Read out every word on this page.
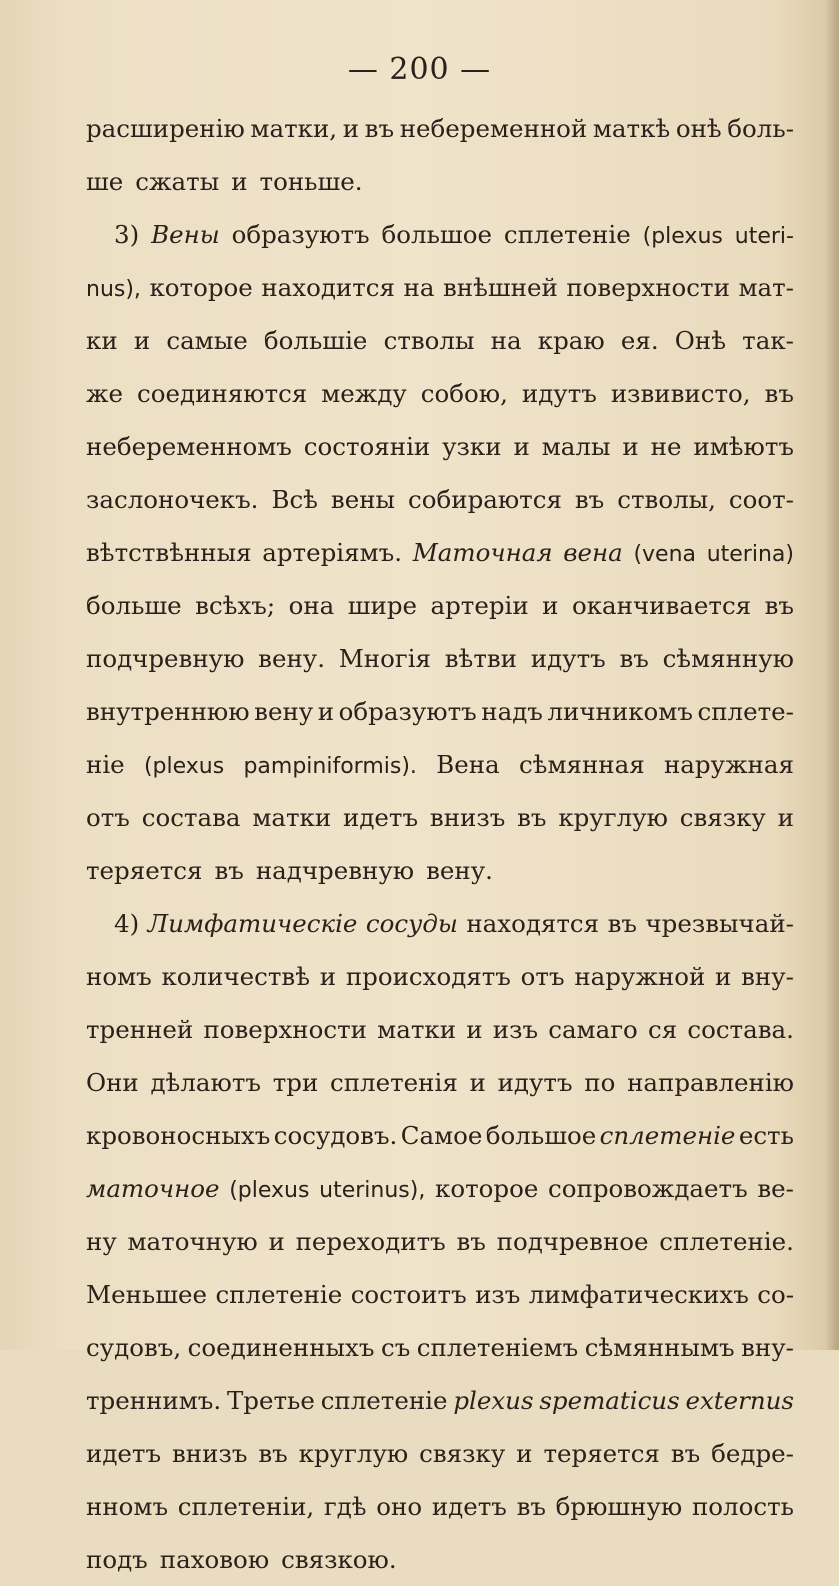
— 200 —
расширенію матки, и въ небеременной маткѣ онѣ боль-
ше сжаты и тоньше.
3) Вены образуютъ большое сплетеніе (plexus uteri-
nus), которое находится на внѣшней поверхности мат-
ки и самые большіе стволы на краю ея. Онѣ так-
же соединяются между собою, идутъ извивисто, въ
небеременномъ состояніи узки и малы и не имѣютъ
заслоночекъ. Всѣ вены собираются въ стволы, соот-
вѣтствѣнныя артеріямъ. Маточная вена (vena uterina)
больше всѣхъ; она шире артеріи и оканчивается въ
подчревную вену. Многія вѣтви идутъ въ сѣмянную
внутреннюю вену и образуютъ надъ личникомъ сплете-
ніе (plexus pampiniformis). Вена сѣмянная наружная
отъ состава матки идетъ внизъ въ круглую связку и
теряется въ надчревную вену.
4) Лимфатическіе сосуды находятся въ чрезвычай-
номъ количествѣ и происходятъ отъ наружной и вну-
тренней поверхности матки и изъ самаго ся состава.
Они дѣлаютъ три сплетенія и идутъ по направленію
кровоносныхъ сосудовъ. Самое большое сплетеніе есть
маточное (plexus uterinus), которое сопровождаетъ ве-
ну маточную и переходитъ въ подчревное сплетеніе.
Меньшее сплетеніе состоитъ изъ лимфатическихъ со-
судовъ, соединенныхъ съ сплетеніемъ сѣмяннымъ вну-
треннимъ. Третье сплетеніе plexus spematicus externus
идетъ внизъ въ круглую связку и теряется въ бедре-
нномъ сплетеніи, гдѣ оно идетъ въ брюшную полость
подъ паховою связкою.
